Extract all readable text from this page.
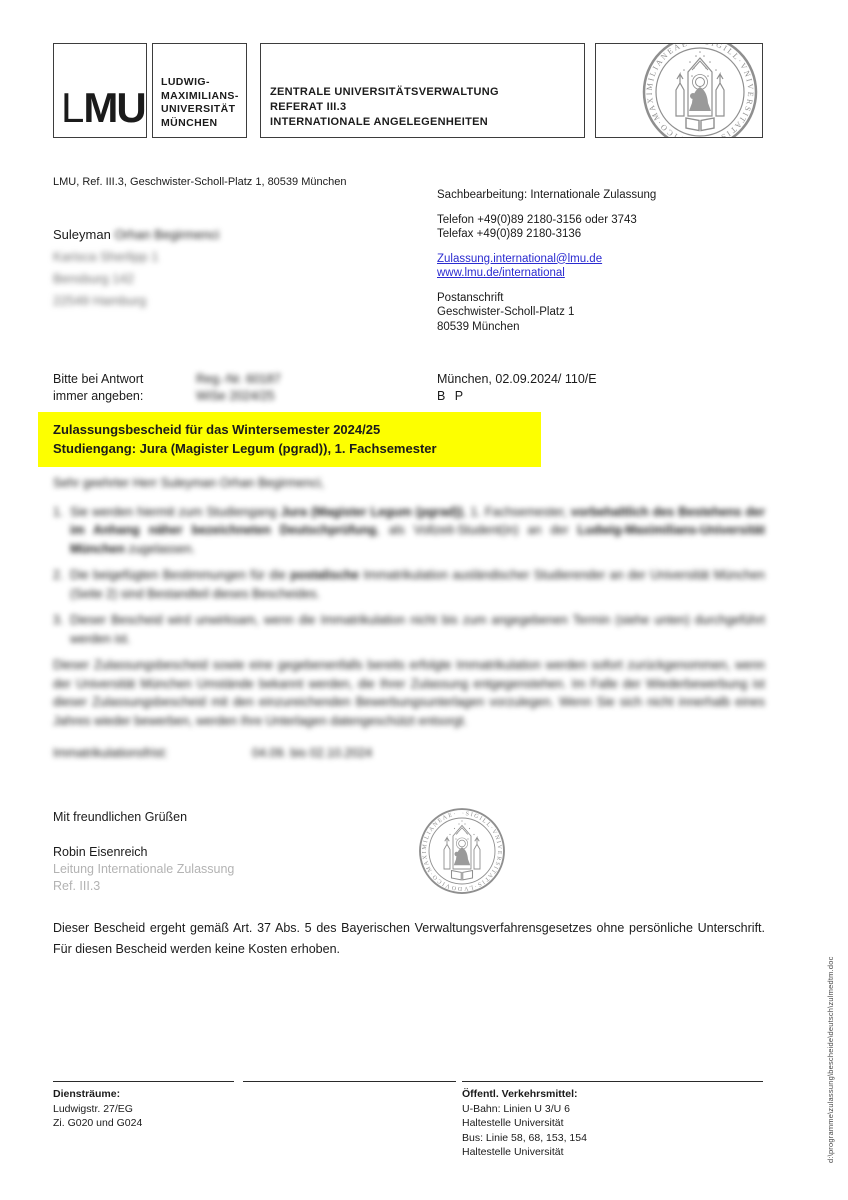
LMU
LUDWIG-
MAXIMILIANS-
UNIVERSITÄT
MÜNCHEN
ZENTRALE UNIVERSITÄTSVERWALTUNG
REFERAT III.3
INTERNATIONALE ANGELEGENHEITEN
LMU, Ref. III.3, Geschwister-Scholl-Platz 1, 80539 München
Suleyman Orhan Begirmenci
Karisca Sherlipp 1
Bensburg 142
22549 Hamburg
Sachbearbeitung: Internationale Zulassung
Telefon +49(0)89 2180-3156 oder 3743
Telefax +49(0)89 2180-3136
Zulassung.international@lmu.de
www.lmu.de/international
Postanschrift
Geschwister-Scholl-Platz 1
80539 München
Bitte bei Antwort
immer angeben:
Reg.-Nr. 60187
WiSe 2024/25
München, 02.09.2024/ 110/E
B P
Zulassungsbescheid für das Wintersemester 2024/25
Studiengang: Jura (Magister Legum (pgrad)), 1. Fachsemester
Sehr geehrter Herr Suleyman Orhan Begirmenci,
1. Sie werden hiermit zum Studiengang Jura (Magister Legum (pgrad)), 1. Fachsemester, vorbehaltlich des Bestehens der im Anhang näher bezeichneten Deutschprüfung, als Vollzeit-Student(in) an der Ludwig-Maximilians-Universität München zugelassen.
2. Die beigefügten Bestimmungen für die postalische Immatrikulation ausländischer Studierender an der Universität München (Seite 2) sind Bestandteil dieses Bescheides.
3. Dieser Bescheid wird unwirksam, wenn die Immatrikulation nicht bis zum angegebenen Termin (siehe unten) durchgeführt werden ist.
Dieser Zulassungsbescheid sowie eine gegebenenfalls bereits erfolgte Immatrikulation werden sofort zurückgenommen, wenn der Universität München Umstände bekannt werden, die Ihrer Zulassung entgegenstehen. Im Falle der Wiederbewerbung ist dieser Zulassungsbescheid mit den einzureichenden Bewerbungsunterlagen vorzulegen. Wenn Sie sich nicht innerhalb eines Jahres wieder bewerben, werden Ihre Unterlagen datengeschützt entsorgt.
Immatrikulationsfrist:	04.09. bis 02.10.2024
Mit freundlichen Grüßen
Robin Eisenreich
Leitung Internationale Zulassung
Ref. III.3
Dieser Bescheid ergeht gemäß Art. 37 Abs. 5 des Bayerischen Verwaltungsverfahrensgesetzes ohne persönliche Unterschrift. Für diesen Bescheid werden keine Kosten erhoben.
d:\programme\zulassung\bescheide\deutsch\zulmedtm.doc
Diensträume:
Ludwigstr. 27/EG
Zi. G020 und G024
Öffentl. Verkehrsmittel:
U-Bahn: Linien U 3/U 6
Haltestelle Universität
Bus: Linie 58, 68, 153, 154
Haltestelle Universität
